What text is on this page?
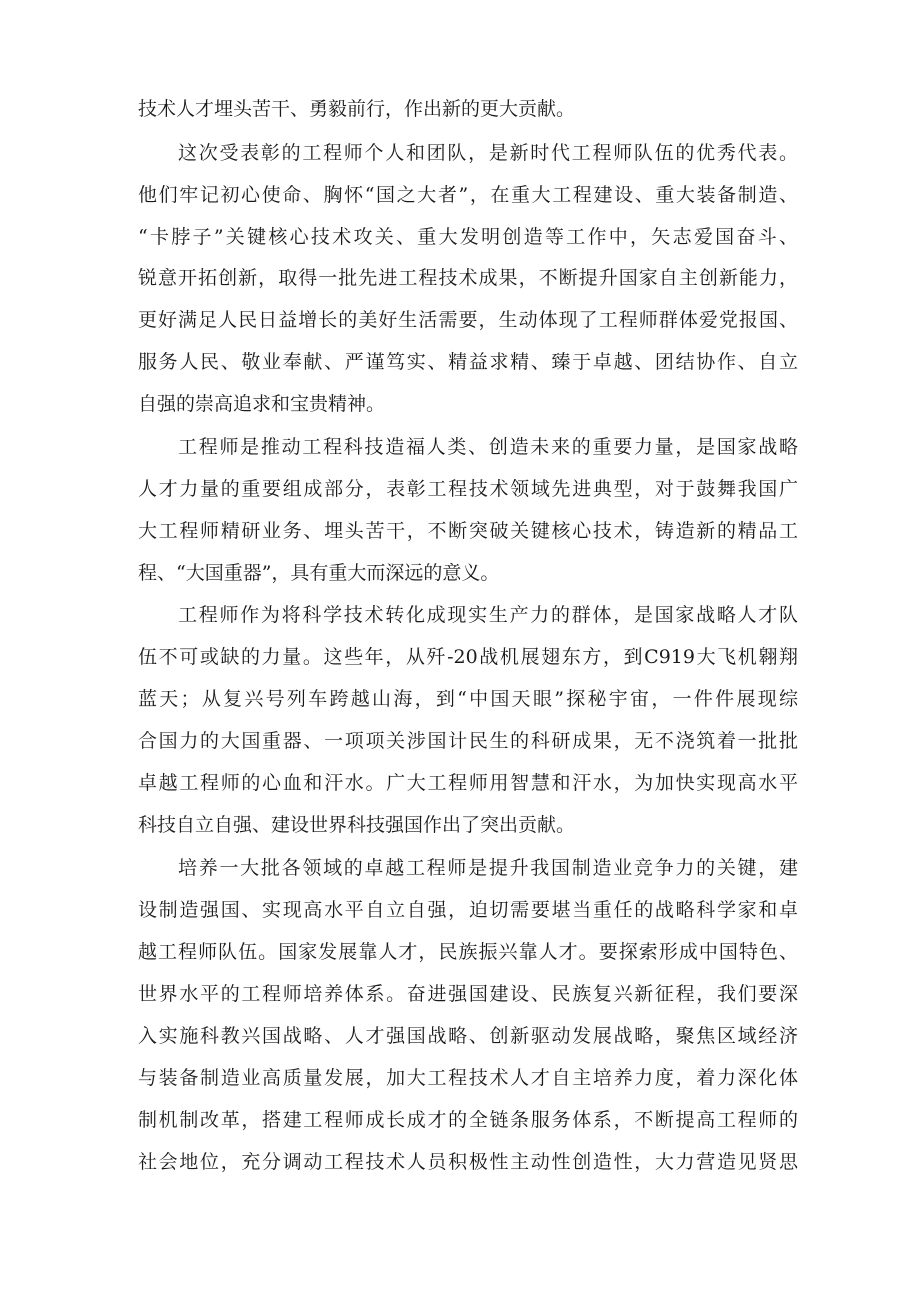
技术人才埋头苦干、勇毅前行，作出新的更大贡献。
这次受表彰的工程师个人和团队，是新时代工程师队伍的优秀代表。
他们牢记初心使命、胸怀“国之大者”，在重大工程建设、重大装备制造、
“卡脖子”关键核心技术攻关、重大发明创造等工作中，矢志爱国奋斗、
锐意开拓创新，取得一批先进工程技术成果，不断提升国家自主创新能力，
更好满足人民日益增长的美好生活需要，生动体现了工程师群体爱党报国、
服务人民、敬业奉献、严谨笃实、精益求精、臻于卓越、团结协作、自立
自强的崇高追求和宝贵精神。
工程师是推动工程科技造福人类、创造未来的重要力量，是国家战略
人才力量的重要组成部分，表彰工程技术领域先进典型，对于鼓舞我国广
大工程师精研业务、埋头苦干，不断突破关键核心技术，铸造新的精品工
程、“大国重器”，具有重大而深远的意义。
工程师作为将科学技术转化成现实生产力的群体，是国家战略人才队
伍不可或缺的力量。这些年，从歼-20战机展翅东方，到C919大飞机翱翔
蓝天；从复兴号列车跨越山海，到“中国天眼”探秘宇宙，一件件展现综
合国力的大国重器、一项项关涉国计民生的科研成果，无不浇筑着一批批
卓越工程师的心血和汗水。广大工程师用智慧和汗水，为加快实现高水平
科技自立自强、建设世界科技强国作出了突出贡献。
培养一大批各领域的卓越工程师是提升我国制造业竞争力的关键，建
设制造强国、实现高水平自立自强，迫切需要堪当重任的战略科学家和卓
越工程师队伍。国家发展靠人才，民族振兴靠人才。要探索形成中国特色、
世界水平的工程师培养体系。奋进强国建设、民族复兴新征程，我们要深
入实施科教兴国战略、人才强国战略、创新驱动发展战略，聚焦区域经济
与装备制造业高质量发展，加大工程技术人才自主培养力度，着力深化体
制机制改革，搭建工程师成长成才的全链条服务体系，不断提高工程师的
社会地位，充分调动工程技术人员积极性主动性创造性，大力营造见贤思
